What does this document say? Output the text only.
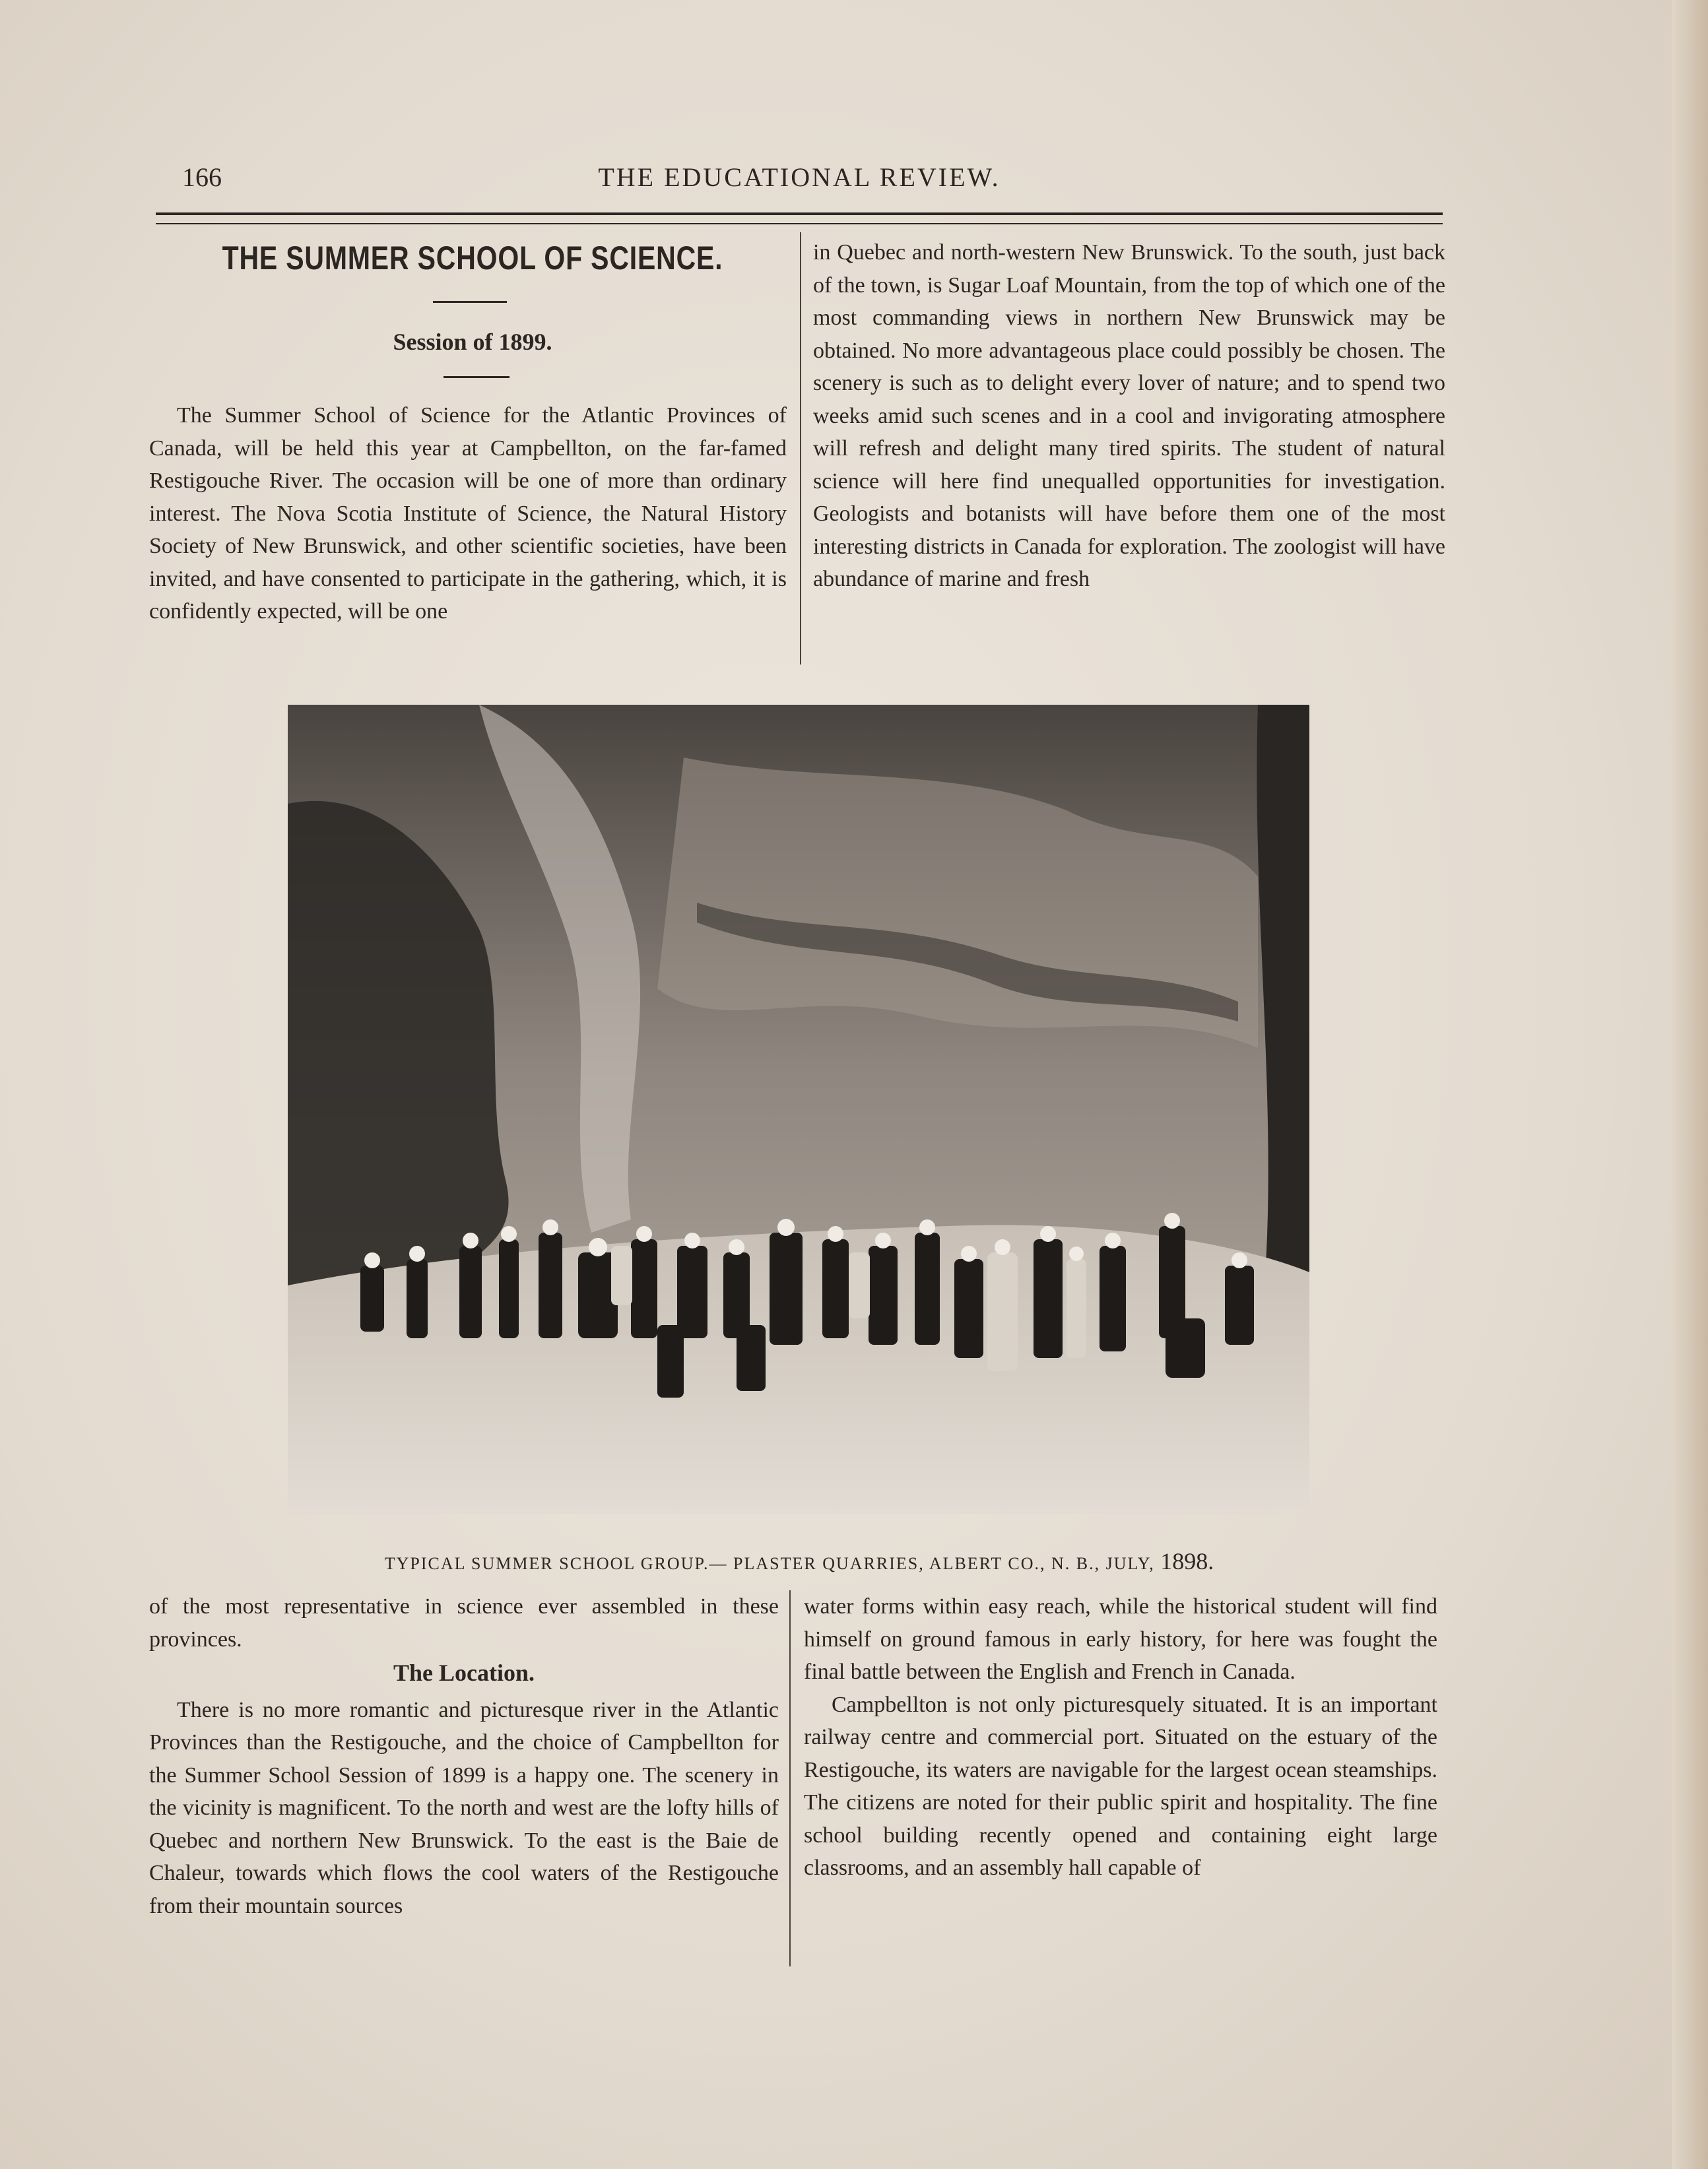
166	THE EDUCATIONAL REVIEW.
THE SUMMER SCHOOL OF SCIENCE.
Session of 1899.

The Summer School of Science for the Atlantic Provinces of Canada, will be held this year at Campbellton, on the far-famed Restigouche River. The occasion will be one of more than ordinary interest. The Nova Scotia Institute of Science, the Natural History Society of New Brunswick, and other scientific societies, have been invited, and have consented to participate in the gathering, which, it is confidently expected, will be one

in Quebec and north-western New Brunswick. To the south, just back of the town, is Sugar Loaf Mountain, from the top of which one of the most commanding views in northern New Brunswick may be obtained. No more advantageous place could possibly be chosen. The scenery is such as to delight every lover of nature; and to spend two weeks amid such scenes and in a cool and invigorating atmosphere will refresh and delight many tired spirits. The student of natural science will here find unequalled opportunities for investigation. Geologists and botanists will have before them one of the most interesting districts in Canada for exploration. The zoologist will have abundance of marine and fresh

TYPICAL SUMMER SCHOOL GROUP.— PLASTER QUARRIES, ALBERT CO., N. B., JULY, 1898.

of the most representative in science ever assembled in these provinces.

The Location.

There is no more romantic and picturesque river in the Atlantic Provinces than the Restigouche, and the choice of Campbellton for the Summer School Session of 1899 is a happy one. The scenery in the vicinity is magnificent. To the north and west are the lofty hills of Quebec and northern New Brunswick. To the east is the Baie de Chaleur, towards which flows the cool waters of the Restigouche from their mountain sources

water forms within easy reach, while the historical student will find himself on ground famous in early history, for here was fought the final battle between the English and French in Canada.

Campbellton is not only picturesquely situated. It is an important railway centre and commercial port. Situated on the estuary of the Restigouche, its waters are navigable for the largest ocean steamships. The citizens are noted for their public spirit and hospitality. The fine school building recently opened and containing eight large classrooms, and an assembly hall capable of
